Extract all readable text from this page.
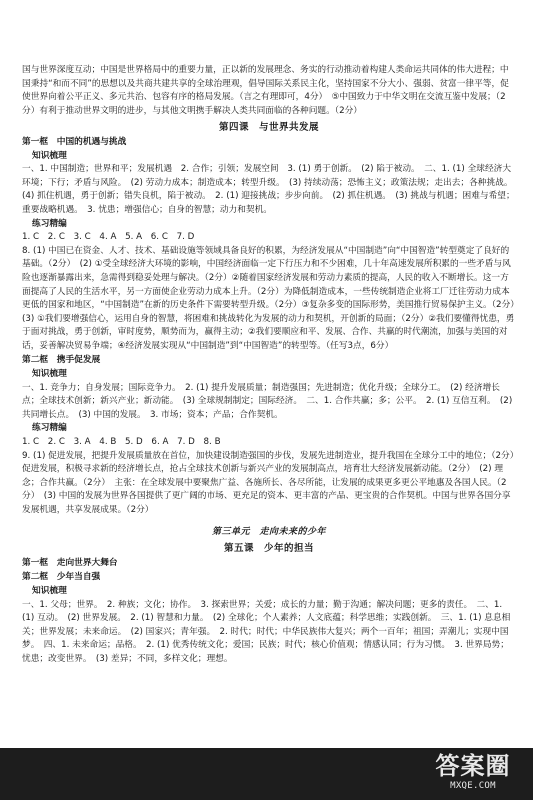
国与世界深度互动；中国是世界格局中的重要力量，正以新的发展理念、务实的行动推动着构建人类命运共同体的伟大进程；中国秉持“和而不同”的思想以及共商共建共享的全球治理观，倡导国际关系民主化，坚持国家不分大小、强弱、贫富一律平等，促使世界向着公平正义、多元共治、包容有序的格局发展。（言之有理即可，4分）　⑤中国致力于中华文明在交流互鉴中发展；（2分）有利于推动世界文明的进步，与其他文明携手解决人类共同面临的各种问题。（2分）

第四课　与世界共发展
第一框　中国的机遇与挑战
知识梳理

一、1. 中国制造；世界和平；发展机遇　2. 合作；引领；发展空间　3. (1) 勇于创新。　(2) 陷于被动。　二、1. (1) 全球经济大环境；下行；矛盾与风险。　(2) 劳动力成本；制造成本；转型升级。　(3) 持续动荡；恐怖主义；政策法规；走出去；各种挑战。　(4) 抓住机遇，勇于创新；错失良机，陷于被动。　2. (1) 迎接挑战；步步向前。　(2) 抓住机遇。　(3) 挑战与机遇；困难与希望；重要战略机遇。　3. 忧患；增强信心；自身的智慧；动力和契机。

练习精编

1. C　2. C　3. C　4. A　5. A　6. C　7. D

8. (1) 中国已在资金、人才、技术、基础设施等领域具备良好的积累，为经济发展从“中国制造”向“中国智造”转型奠定了良好的基础。（2分）　(2) ①受全球经济大环境的影响，中国经济面临一定下行压力和不少困难，几十年高速发展所积累的一些矛盾与风险也逐渐暴露出来，急需得到稳妥处理与解决。（2分）②随着国家经济发展和劳动力素质的提高，人民的收入不断增长。这一方面提高了人民的生活水平，另一方面使企业劳动力成本上升。（2分）为降低制造成本，一些传统制造企业将工厂迁往劳动力成本更低的国家和地区，“中国制造”在新的历史条件下需要转型升级。（2分）③复杂多变的国际形势，美国推行贸易保护主义。（2分）　(3) ①我们要增强信心，运用自身的智慧，将困难和挑战转化为发展的动力和契机，开创新的局面；（2分）②我们要懂得忧患，勇于面对挑战，勇于创新，审时度势，顺势而为，赢得主动；②我们要顺应和平、发展、合作、共赢的时代潮流，加强与美国的对话，妥善解决贸易争端；④经济发展实现从“中国制造”到“中国智造”的转型等。（任写3点，6分）

第二框　携手促发展
知识梳理

一、1. 竞争力；自身发展；国际竞争力。　2. (1) 提升发展质量；制造强国；先进制造；优化升级；全球分工。　(2) 经济增长点；全球技术创新；新兴产业；新动能。　(3) 全球规制制定；国际经济。　二、1. 合作共赢；多；公平。　2. (1) 互信互利。　(2) 共同增长点。　(3) 中国的发展。　3. 市场；资本；产品；合作契机。

练习精编

1. C　2. C　3. A　4. B　5. D　6. A　7. D　8. B

9. (1) 促进发展，把提升发展质量放在首位，加快建设制造强国的步伐，发展先进制造业，提升我国在全球分工中的地位；（2分）促进发展，积极寻求新的经济增长点，抢占全球技术创新与新兴产业的发展制高点，培育壮大经济发展新动能。（2分）　(2) 理念；合作共赢。（2分）　主张：在全球发展中要聚焦广益、各施所长、各尽所能，让发展的成果更多更公平地惠及各国人民。（2分）　(3) 中国的发展为世界各国提供了更广阔的市场、更充足的资本、更丰富的产品、更宝贵的合作契机。中国与世界各国分享发展机遇，共享发展成果。（2分）

第三单元　走向未来的少年
第五课　少年的担当
第一框　走向世界大舞台
第二框　少年当自强
知识梳理

一、1. 父母；世界。　2. 种族；文化；协作。　3. 探索世界；关爱；成长的力量；勤于沟通；解决问题；更多的责任。　二、1. (1) 互动。　(2) 世界发展。　2. (1) 智慧和力量。　(2) 全球化；个人素养；人文底蕴；科学思维；实践创新。　三、1. (1) 息息相关；世界发展；未来命运。　(2) 国家兴；青年强。　2. 时代；时代；中华民族伟大复兴；两个一百年；祖国；弄潮儿；实现中国梦。　四、1. 未来命运；品格。　2. (1) 优秀传统文化；爱国；民族；时代；核心价值观；情感认同；行为习惯。　3. 世界局势；忧患；改变世界。　(3) 差异；不同，多样文化；理想。

答案圈
MXQE.COM
